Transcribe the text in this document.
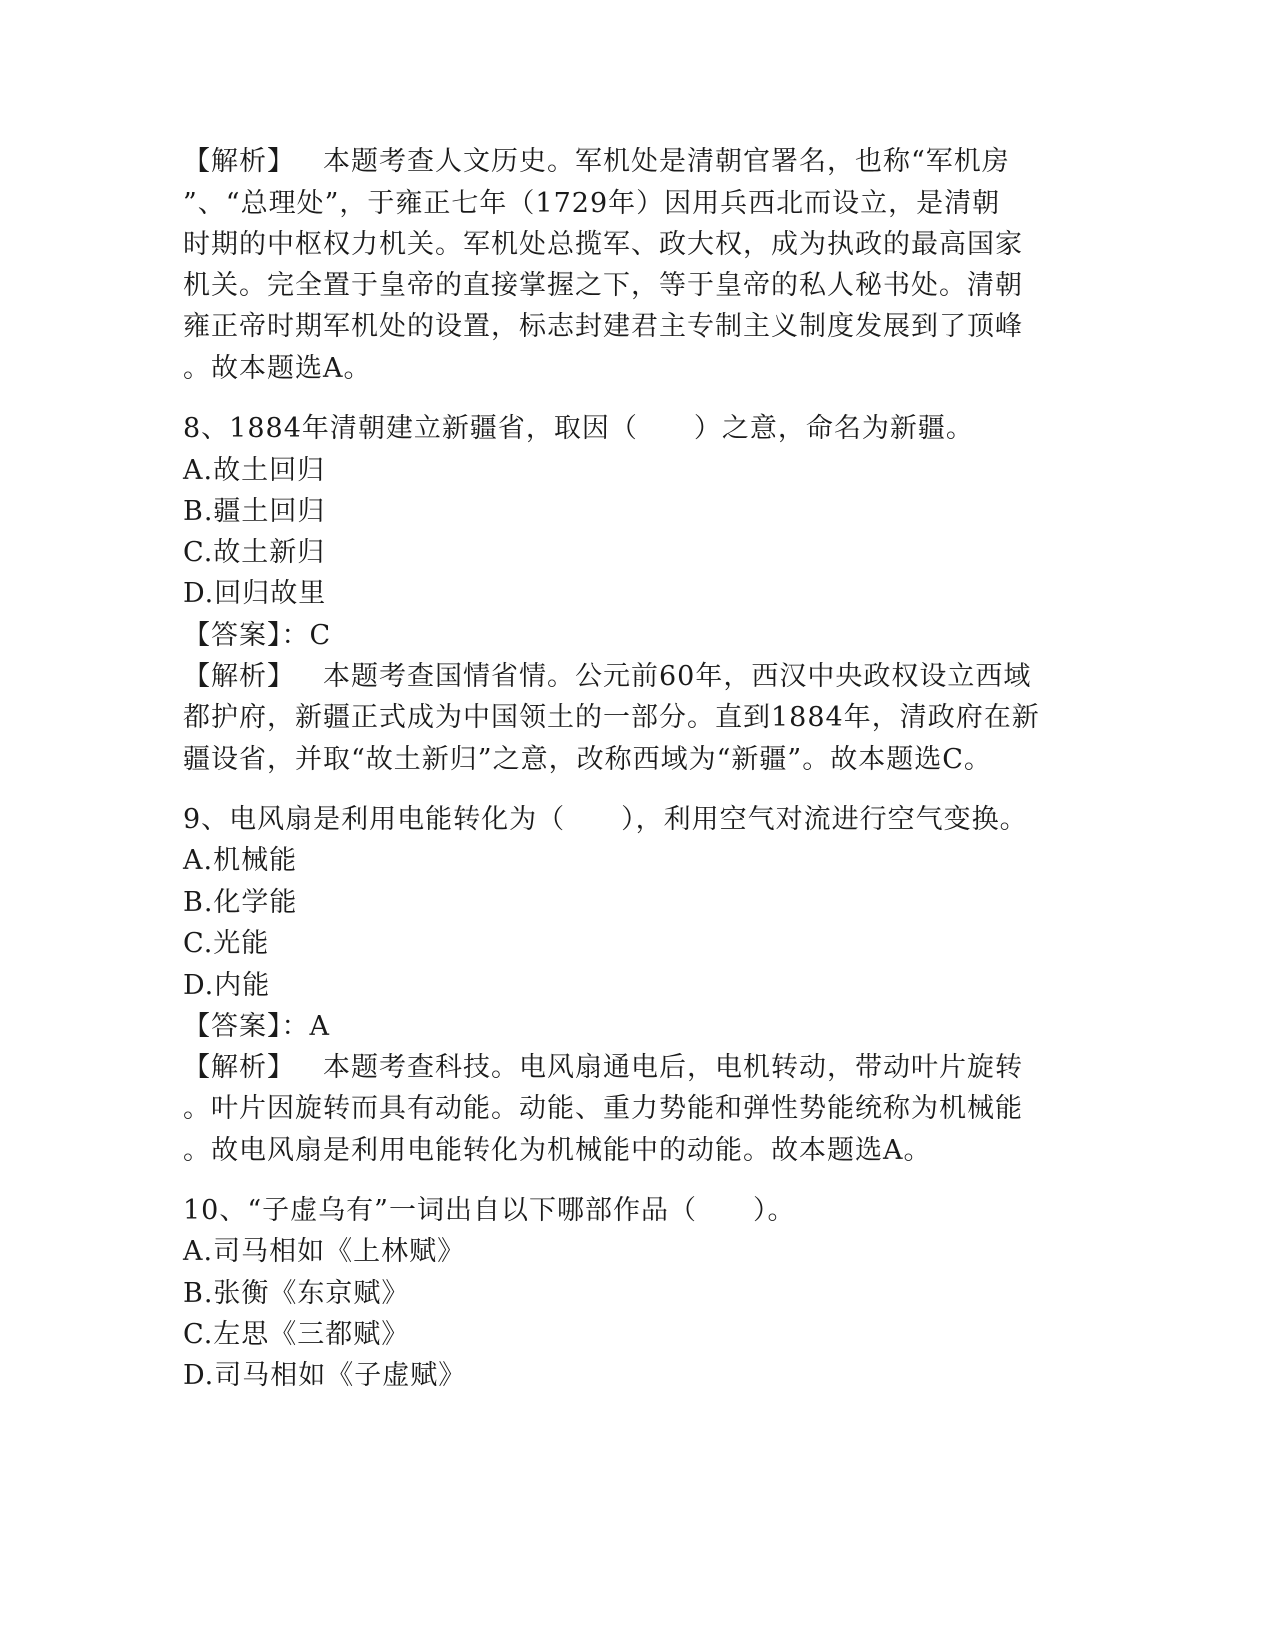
【解析】 本题考查人文历史。军机处是清朝官署名，也称“军机房
”、“总理处”，于雍正七年（1729年）因用兵西北而设立，是清朝
时期的中枢权力机关。军机处总揽军、政大权，成为执政的最高国家
机关。完全置于皇帝的直接掌握之下，等于皇帝的私人秘书处。清朝
雍正帝时期军机处的设置，标志封建君主专制主义制度发展到了顶峰
。故本题选A。
8、1884年清朝建立新疆省，取因（　　）之意，命名为新疆。
A.故土回归
B.疆土回归
C.故土新归
D.回归故里
【答案】：C
【解析】 本题考查国情省情。公元前60年，西汉中央政权设立西域
都护府，新疆正式成为中国领土的一部分。直到1884年，清政府在新
疆设省，并取“故土新归”之意，改称西域为“新疆”。故本题选C。
9、电风扇是利用电能转化为（　　），利用空气对流进行空气变换。
A.机械能
B.化学能
C.光能
D.内能
【答案】：A
【解析】 本题考查科技。电风扇通电后，电机转动，带动叶片旋转
。叶片因旋转而具有动能。动能、重力势能和弹性势能统称为机械能
。故电风扇是利用电能转化为机械能中的动能。故本题选A。
10、“子虚乌有”一词出自以下哪部作品（　　）。
A.司马相如《上林赋》
B.张衡《东京赋》
C.左思《三都赋》
D.司马相如《子虚赋》
